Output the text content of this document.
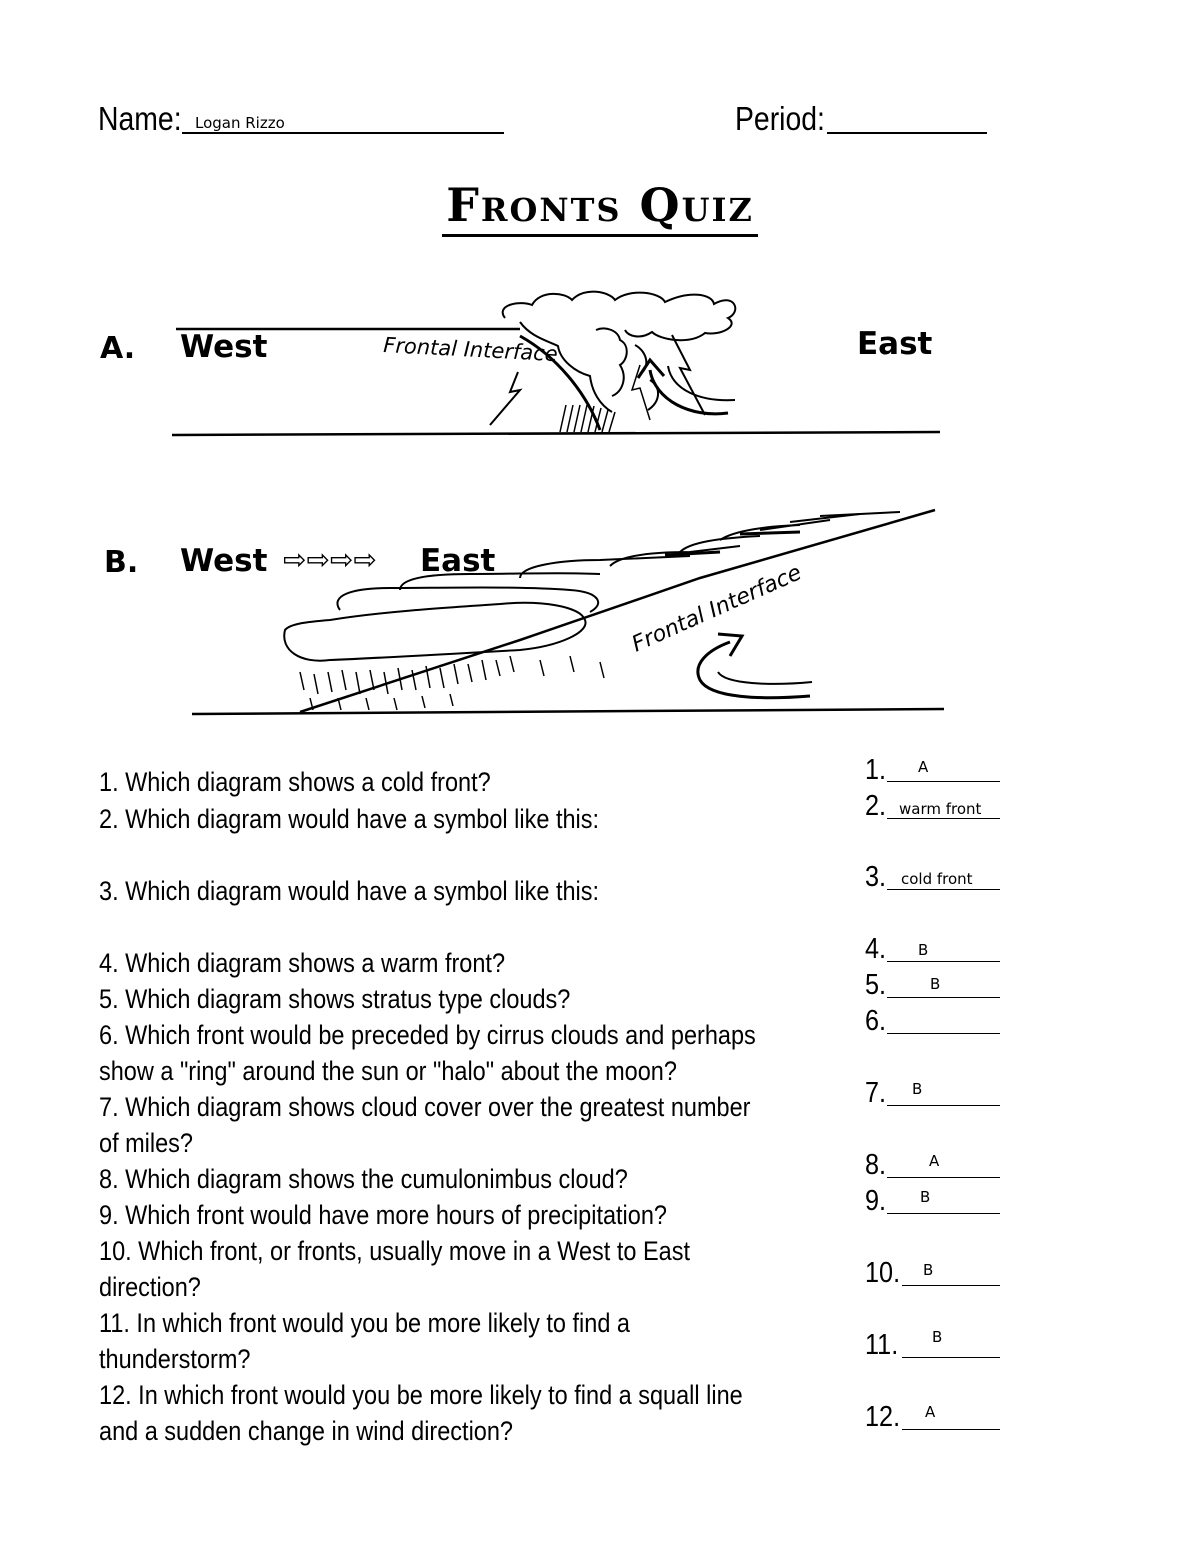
Name: Logan Rizzo	Period:
Fronts Quiz
A. West	East
B. West ⇨⇨⇨⇨ East
Frontal Interface
Frontal Interface
1. Which diagram shows a cold front?
2. Which diagram would have a symbol like this:
3. Which diagram would have a symbol like this:
4. Which diagram shows a warm front?
5. Which diagram shows stratus type clouds?
6. Which front would be preceded by cirrus clouds and perhaps
show a "ring" around the sun or "halo" about the moon?
7. Which diagram shows cloud cover over the greatest number
of miles?
8. Which diagram shows the cumulonimbus cloud?
9. Which front would have more hours of precipitation?
10. Which front, or fronts, usually move in a West to East
direction?
11. In which front would you be more likely to find a
thunderstorm?
12. In which front would you be more likely to find a squall line
and a sudden change in wind direction?
1. A
2. warm front
3. cold front
4. B
5.	B
6.
7. B
8.	A
9. B
10. B
11. B
12. A
